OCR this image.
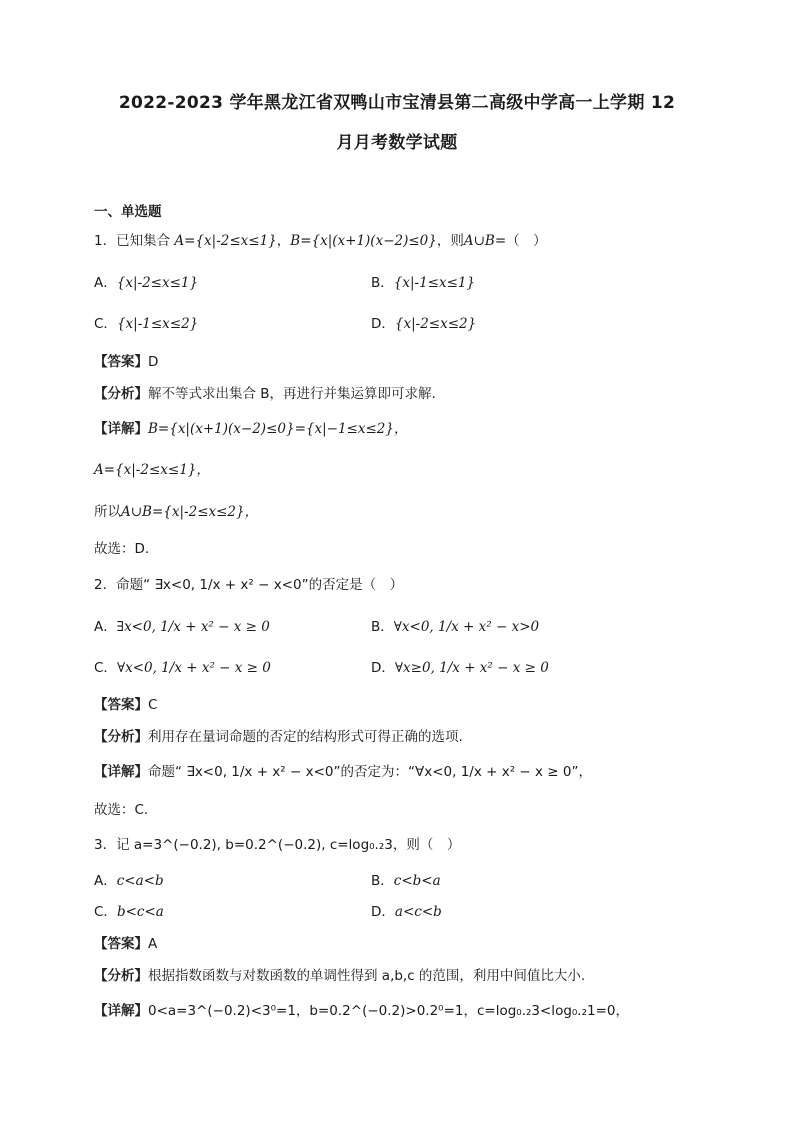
2022-2023 学年黑龙江省双鸭山市宝清县第二高级中学高一上学期 12
月月考数学试题
一、单选题
1．已知集合 A={x|-2≤x≤1}，B={x|(x+1)(x−2)≤0}，则A∪B=（　）
A．{x|-2≤x≤1}	B．{x|-1≤x≤1}
C．{x|-1≤x≤2}	D．{x|-2≤x≤2}
【答案】D
【分析】解不等式求出集合 B，再进行并集运算即可求解.
【详解】B={x|(x+1)(x−2)≤0}={x|−1≤x≤2}，
A={x|-2≤x≤1}，
所以A∪B={x|-2≤x≤2}，
故选：D.
2．命题“ ∃x<0, 1/x + x² − x<0”的否定是（　）
A．∃x<0, 1/x + x² − x ≥ 0	B．∀x<0, 1/x + x² − x>0
C．∀x<0, 1/x + x² − x ≥ 0	D．∀x≥0, 1/x + x² − x ≥ 0
【答案】C
【分析】利用存在量词命题的否定的结构形式可得正确的选项.
【详解】命题“ ∃x<0, 1/x + x² − x<0”的否定为：“∀x<0, 1/x + x² − x ≥ 0”，
故选：C.
3．记 a=3^(−0.2), b=0.2^(−0.2), c=log₀.₂3，则（　）
A．c<a<b	B．c<b<a
C．b<c<a	D．a<c<b
【答案】A
【分析】根据指数函数与对数函数的单调性得到 a,b,c 的范围，利用中间值比大小.
【详解】0<a=3^(−0.2)<3⁰=1，b=0.2^(−0.2)>0.2⁰=1，c=log₀.₂3<log₀.₂1=0，
